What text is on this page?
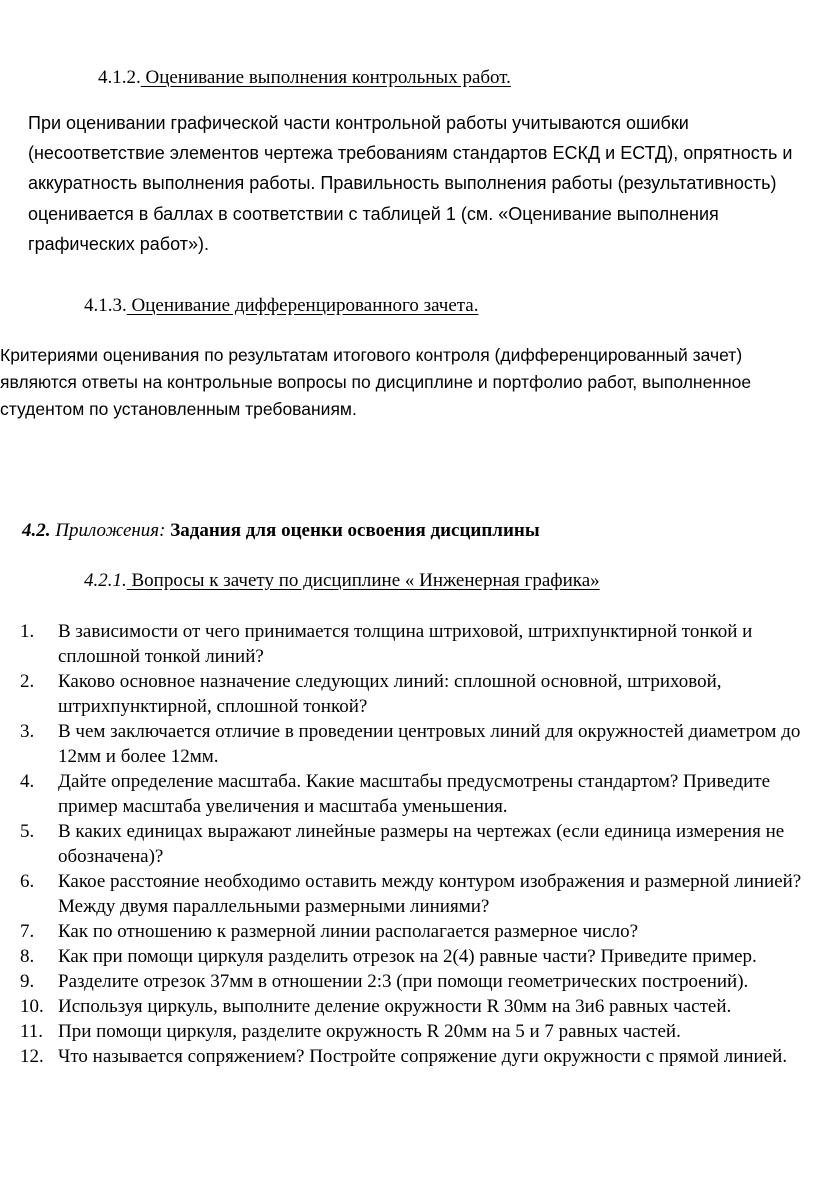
4.1.2. Оценивание выполнения контрольных работ.

При оценивании графической части контрольной работы учитываются ошибки (несоответствие элементов чертежа требованиям стандартов ЕСКД и ЕСТД), опрятность и аккуратность выполнения работы. Правильность выполнения работы (результативность) оценивается в баллах в соответствии с таблицей 1 (см. «Оценивание выполнения графических работ»).

4.1.3. Оценивание дифференцированного зачета.

Критериями оценивания по результатам итогового контроля (дифференцированный зачет) являются ответы на контрольные вопросы по дисциплине и портфолио работ, выполненное студентом по установленным требованиям.

4.2. Приложения: Задания для оценки освоения дисциплины
4.2.1. Вопросы к зачету по дисциплине « Инженерная графика»
1.	В зависимости от чего принимается толщина штриховой, штрихпунктирной тонкой и сплошной тонкой линий?
2.	Каково основное назначение следующих линий: сплошной основной, штриховой, штрихпунктирной, сплошной тонкой?
3.	В чем заключается отличие в проведении центровых линий для окружностей диаметром до 12мм и более 12мм.
4.	Дайте определение масштаба. Какие масштабы предусмотрены стандартом? Приведите пример масштаба увеличения и масштаба уменьшения.
5.	В каких единицах выражают линейные размеры на чертежах (если единица измерения не обозначена)?
6.	Какое расстояние необходимо оставить между контуром изображения и размерной линией? Между двумя параллельными размерными линиями?
7.	Как по отношению к размерной линии располагается размерное число?
8.	Как при помощи циркуля разделить отрезок на 2(4) равные части? Приведите пример.
9.	Разделите отрезок 37мм в отношении 2:3 (при помощи геометрических построений).
10. Используя циркуль, выполните деление окружности R 30мм на 3и6 равных частей.
11. При помощи циркуля, разделите окружность R 20мм на 5 и 7 равных частей.
12. Что называется сопряжением? Постройте сопряжение дуги окружности с прямой линией.
